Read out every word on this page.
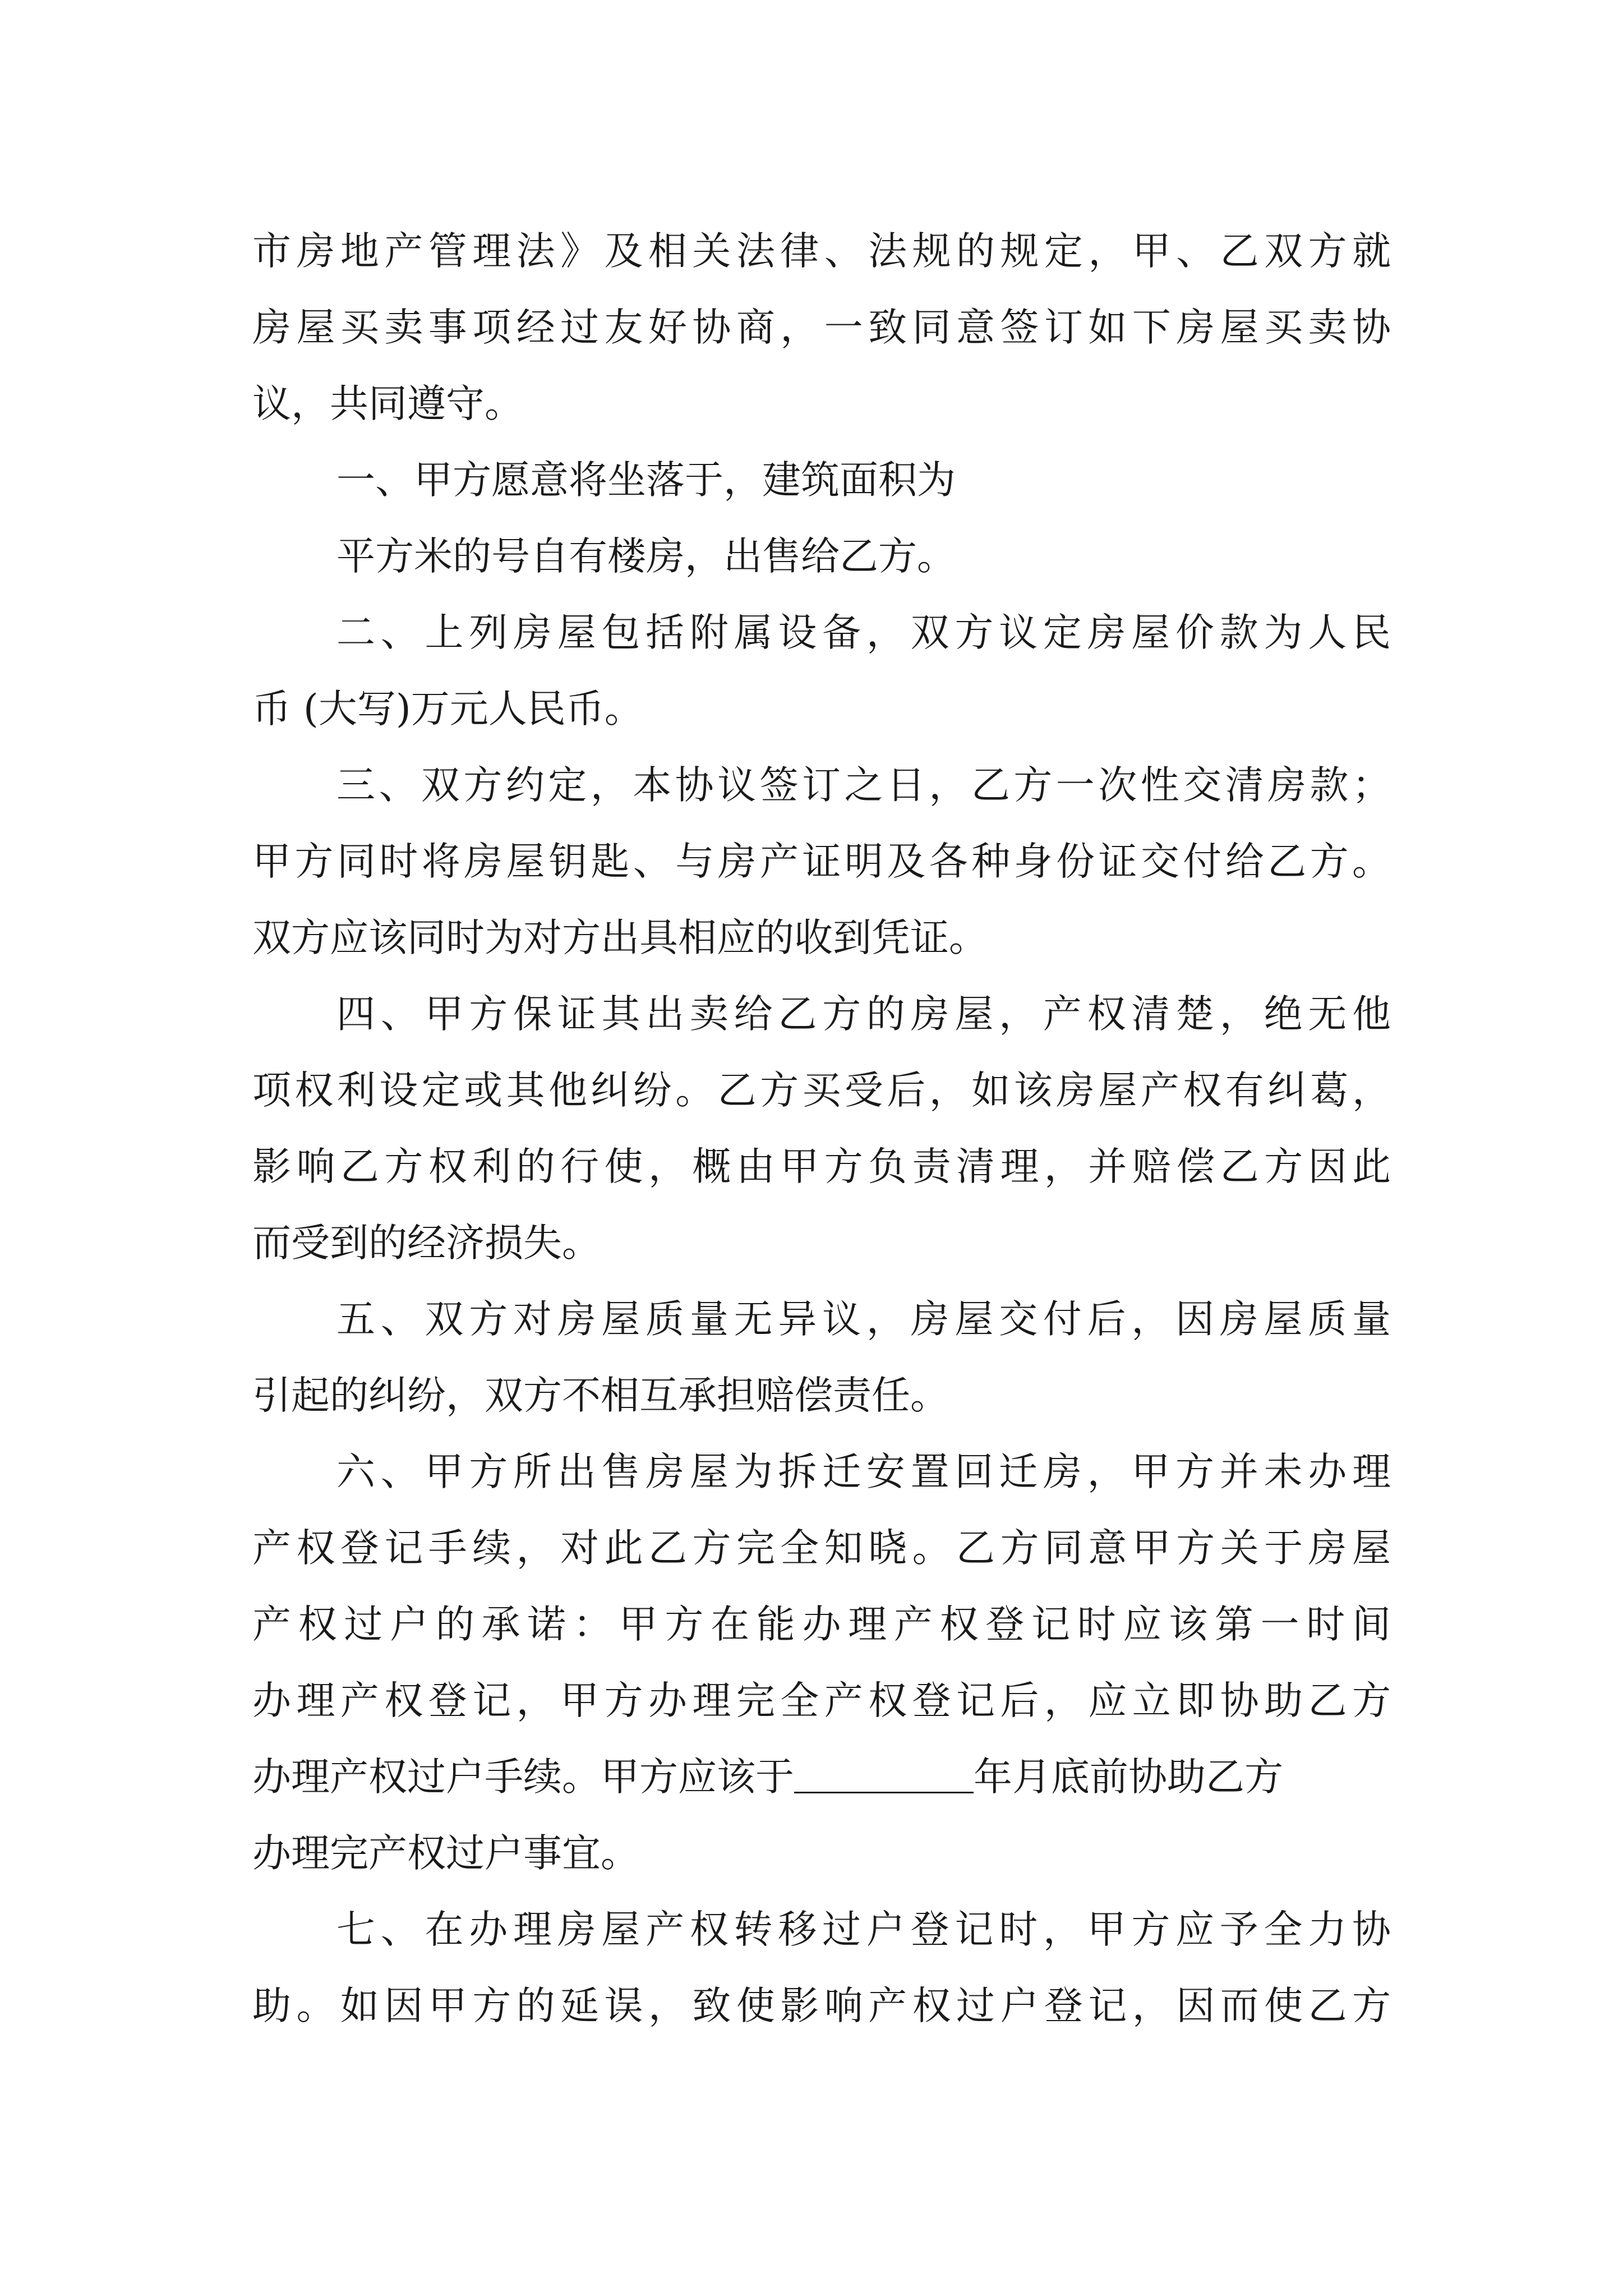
市房地产管理法》及相关法律、法规的规定，甲、乙双方就
房屋买卖事项经过友好协商，一致同意签订如下房屋买卖协
议，共同遵守。
一、甲方愿意将坐落于，建筑面积为
平方米的号自有楼房，出售给乙方。
二、上列房屋包括附属设备，双方议定房屋价款为人民
币 (大写)万元人民币。
三、双方约定，本协议签订之日，乙方一次性交清房款；
甲方同时将房屋钥匙、与房产证明及各种身份证交付给乙方。
双方应该同时为对方出具相应的收到凭证。
四、甲方保证其出卖给乙方的房屋，产权清楚，绝无他
项权利设定或其他纠纷。乙方买受后，如该房屋产权有纠葛，
影响乙方权利的行使，概由甲方负责清理，并赔偿乙方因此
而受到的经济损失。
五、双方对房屋质量无异议，房屋交付后，因房屋质量
引起的纠纷，双方不相互承担赔偿责任。
六、甲方所出售房屋为拆迁安置回迁房，甲方并未办理
产权登记手续，对此乙方完全知晓。乙方同意甲方关于房屋
产权过户的承诺：甲方在能办理产权登记时应该第一时间
办理产权登记，甲方办理完全产权登记后，应立即协助乙方
办理产权过户手续。甲方应该于	年月底前协助乙方
办理完产权过户事宜。
七、在办理房屋产权转移过户登记时，甲方应予全力协
助。如因甲方的延误，致使影响产权过户登记，因而使乙方
